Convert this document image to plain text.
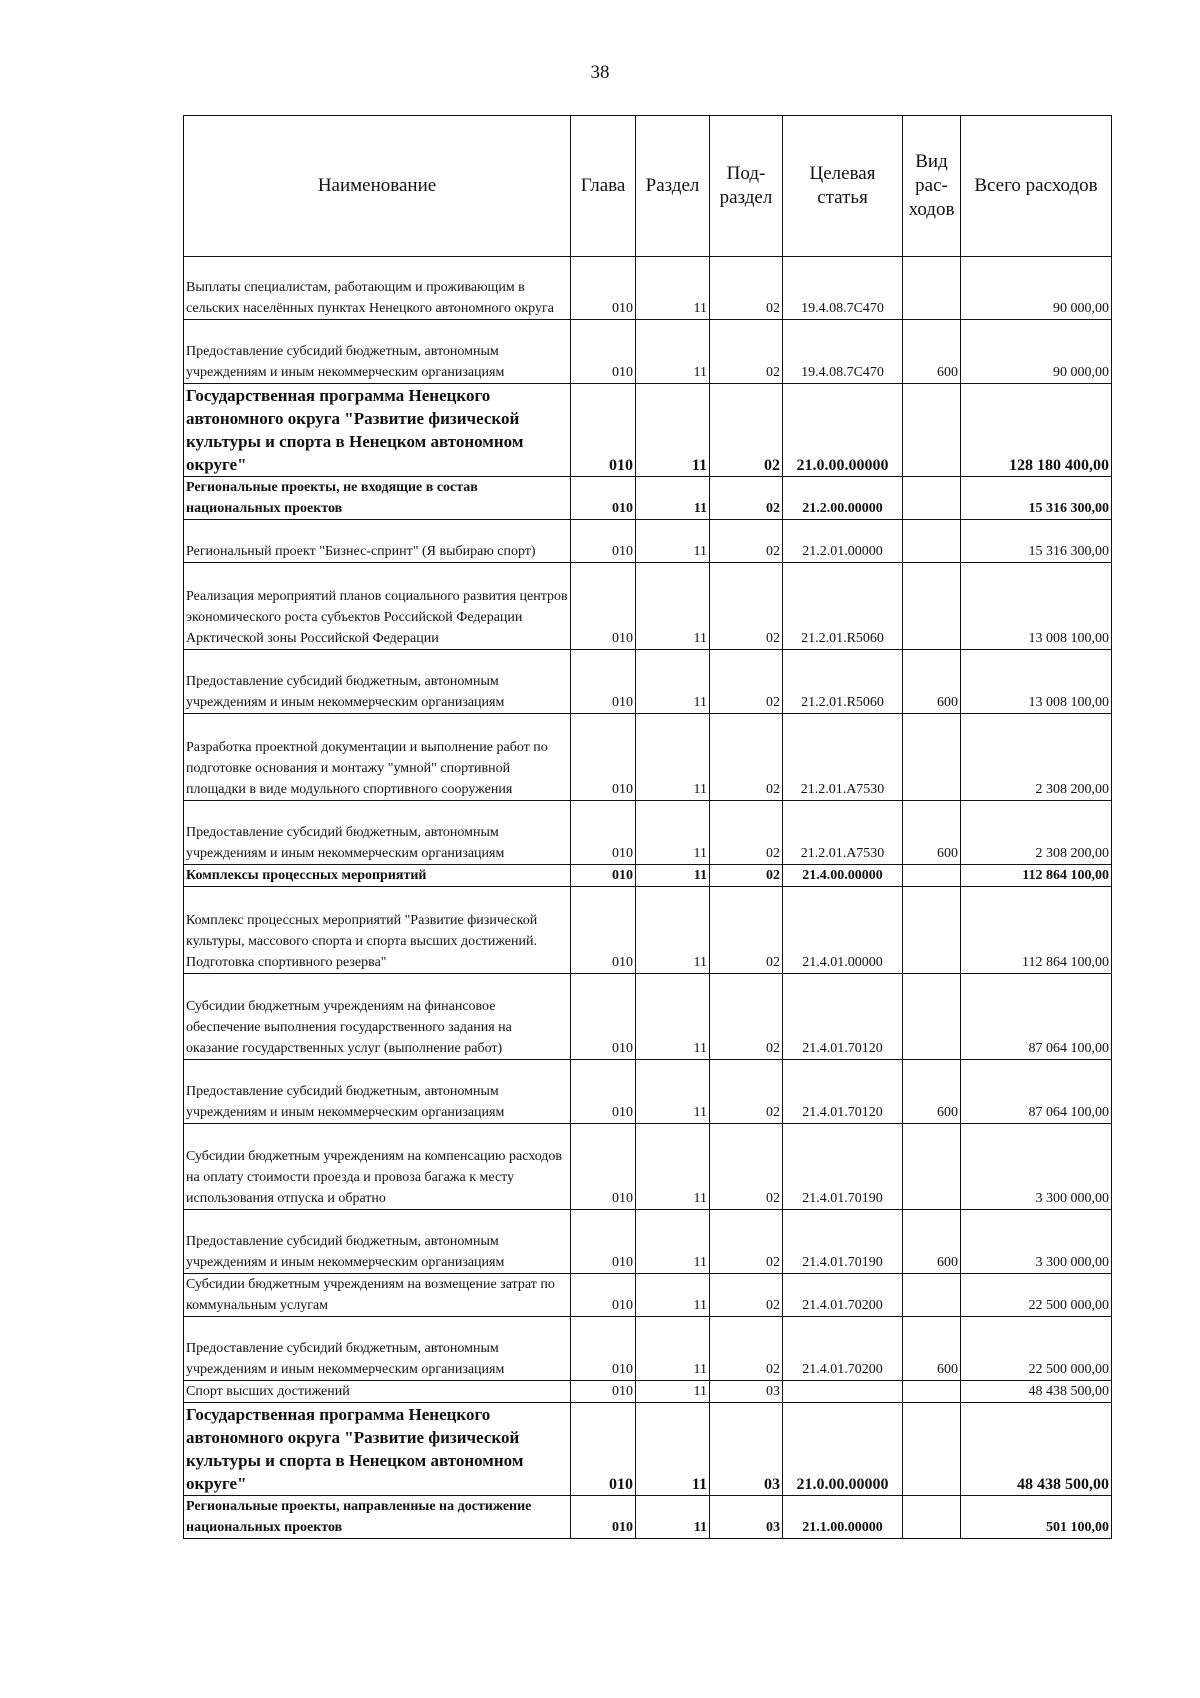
38
Наименование	Глава	Раздел	Под-раздел	Целевая статья	Вид рас-ходов	Всего расходов
Выплаты специалистам, работающим и проживающим в сельских населённых пунктах Ненецкого автономного округа	010	11	02	19.4.08.7С470		90 000,00
Предоставление субсидий бюджетным, автономным учреждениям и иным некоммерческим организациям	010	11	02	19.4.08.7С470	600	90 000,00
Государственная программа Ненецкого автономного округа "Развитие физической культуры и спорта в Ненецком автономном округе"	010	11	02	21.0.00.00000		128 180 400,00
Региональные проекты, не входящие в состав национальных проектов	010	11	02	21.2.00.00000		15 316 300,00
Региональный проект "Бизнес-спринт" (Я выбираю спорт)	010	11	02	21.2.01.00000		15 316 300,00
Реализация мероприятий планов социального развития центров экономического роста субъектов Российской Федерации Арктической зоны Российской Федерации	010	11	02	21.2.01.R5060		13 008 100,00
Предоставление субсидий бюджетным, автономным учреждениям и иным некоммерческим организациям	010	11	02	21.2.01.R5060	600	13 008 100,00
Разработка проектной документации и выполнение работ по подготовке основания и монтажу "умной" спортивной площадки в виде модульного спортивного сооружения	010	11	02	21.2.01.А7530		2 308 200,00
Предоставление субсидий бюджетным, автономным учреждениям и иным некоммерческим организациям	010	11	02	21.2.01.А7530	600	2 308 200,00
Комплексы процессных мероприятий	010	11	02	21.4.00.00000		112 864 100,00
Комплекс процессных мероприятий "Развитие физической культуры, массового спорта и спорта высших достижений. Подготовка спортивного резерва"	010	11	02	21.4.01.00000		112 864 100,00
Субсидии бюджетным учреждениям на финансовое обеспечение выполнения государственного задания на оказание государственных услуг (выполнение работ)	010	11	02	21.4.01.70120		87 064 100,00
Предоставление субсидий бюджетным, автономным учреждениям и иным некоммерческим организациям	010	11	02	21.4.01.70120	600	87 064 100,00
Субсидии бюджетным учреждениям на компенсацию расходов на оплату стоимости проезда и провоза багажа к месту использования отпуска и обратно	010	11	02	21.4.01.70190		3 300 000,00
Предоставление субсидий бюджетным, автономным учреждениям и иным некоммерческим организациям	010	11	02	21.4.01.70190	600	3 300 000,00
Субсидии бюджетным учреждениям на возмещение затрат по коммунальным услугам	010	11	02	21.4.01.70200		22 500 000,00
Предоставление субсидий бюджетным, автономным учреждениям и иным некоммерческим организациям	010	11	02	21.4.01.70200	600	22 500 000,00
Спорт высших достижений	010	11	03			48 438 500,00
Государственная программа Ненецкого автономного округа "Развитие физической культуры и спорта в Ненецком автономном округе"	010	11	03	21.0.00.00000		48 438 500,00
Региональные проекты, направленные на достижение национальных проектов	010	11	03	21.1.00.00000		501 100,00
